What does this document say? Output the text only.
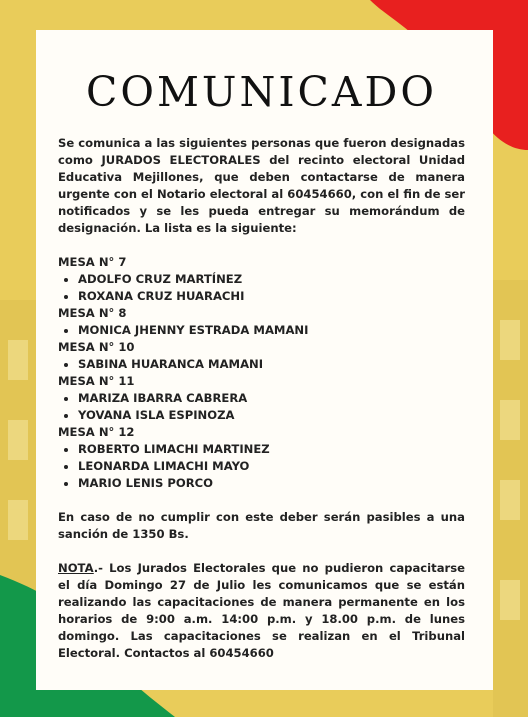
COMUNICADO

Se comunica a las siguientes personas que fueron designadas como JURADOS ELECTORALES del recinto electoral Unidad Educativa Mejillones, que deben contactarse de manera urgente con el Notario electoral al 60454660, con el fin de ser notificados y se les pueda entregar su memorándum de designación. La lista es la siguiente:

MESA N° 7
• ADOLFO CRUZ MARTÍNEZ
• ROXANA CRUZ HUARACHI
MESA N° 8
• MONICA JHENNY ESTRADA MAMANI
MESA N° 10
• SABINA HUARANCA MAMANI
MESA N° 11
• MARIZA IBARRA CABRERA
• YOVANA ISLA ESPINOZA
MESA N° 12
• ROBERTO LIMACHI MARTINEZ
• LEONARDA LIMACHI MAYO
• MARIO LENIS PORCO

En caso de no cumplir con este deber serán pasibles a una sanción de 1350 Bs.

NOTA.- Los Jurados Electorales que no pudieron capacitarse el día Domingo 27 de Julio les comunicamos que se están realizando las capacitaciones de manera permanente en los horarios de 9:00 a.m. 14:00 p.m. y 18.00 p.m. de lunes domingo. Las capacitaciones se realizan en el Tribunal Electoral. Contactos al 60454660
